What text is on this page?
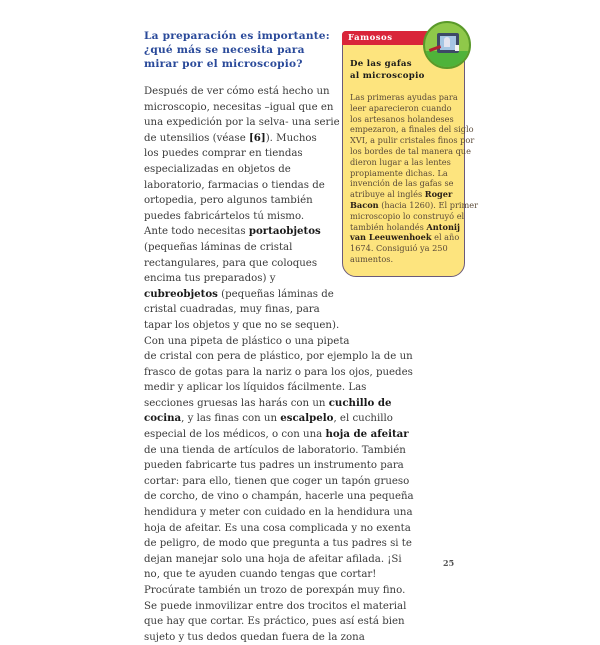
La preparación es importante:
¿qué más se necesita para
mirar por el microscopio?
Después de ver cómo está hecho un
microscopio, necesitas –igual que en
una expedición por la selva- una serie
de utensilios (véase [6]). Muchos
los puedes comprar en tiendas
especializadas en objetos de
laboratorio, farmacias o tiendas de
ortopedia, pero algunos también
puedes fabricártelos tú mismo.
Ante todo necesitas portaobjetos
(pequeñas láminas de cristal
rectangulares, para que coloques
encima tus preparados) y
cubreobjetos (pequeñas láminas de
cristal cuadradas, muy finas, para
tapar los objetos y que no se sequen).
Con una pipeta de plástico o una pipeta
de cristal con pera de plástico, por ejemplo la de un
frasco de gotas para la nariz o para los ojos, puedes
medir y aplicar los líquidos fácilmente. Las
secciones gruesas las harás con un cuchillo de
cocina, y las finas con un escalpelo, el cuchillo
especial de los médicos, o con una hoja de afeitar
de una tienda de artículos de laboratorio. También
pueden fabricarte tus padres un instrumento para
cortar: para ello, tienen que coger un tapón grueso
de corcho, de vino o champán, hacerle una pequeña
hendidura y meter con cuidado en la hendidura una
hoja de afeitar. Es una cosa complicada y no exenta
de peligro, de modo que pregunta a tus padres si te
dejan manejar solo una hoja de afeitar afilada. ¡Si
no, que te ayuden cuando tengas que cortar!
Procúrate también un trozo de porexpán muy fino.
Se puede inmovilizar entre dos trocitos el material
que hay que cortar. Es práctico, pues así está bien
sujeto y tus dedos quedan fuera de la zona
Famosos
De las gafas
al microscopio
Las primeras ayudas para
leer aparecieron cuando
los artesanos holandeses
empezaron, a finales del siglo
XVI, a pulir cristales finos por
los bordes de tal manera que
dieron lugar a las lentes
propiamente dichas. La
invención de las gafas se
atribuye al inglés Roger
Bacon (hacia 1260). El primer
microscopio lo construyó el
también holandés Antonij
van Leeuwenhoek el año
1674. Consiguió ya 250
aumentos.
25
